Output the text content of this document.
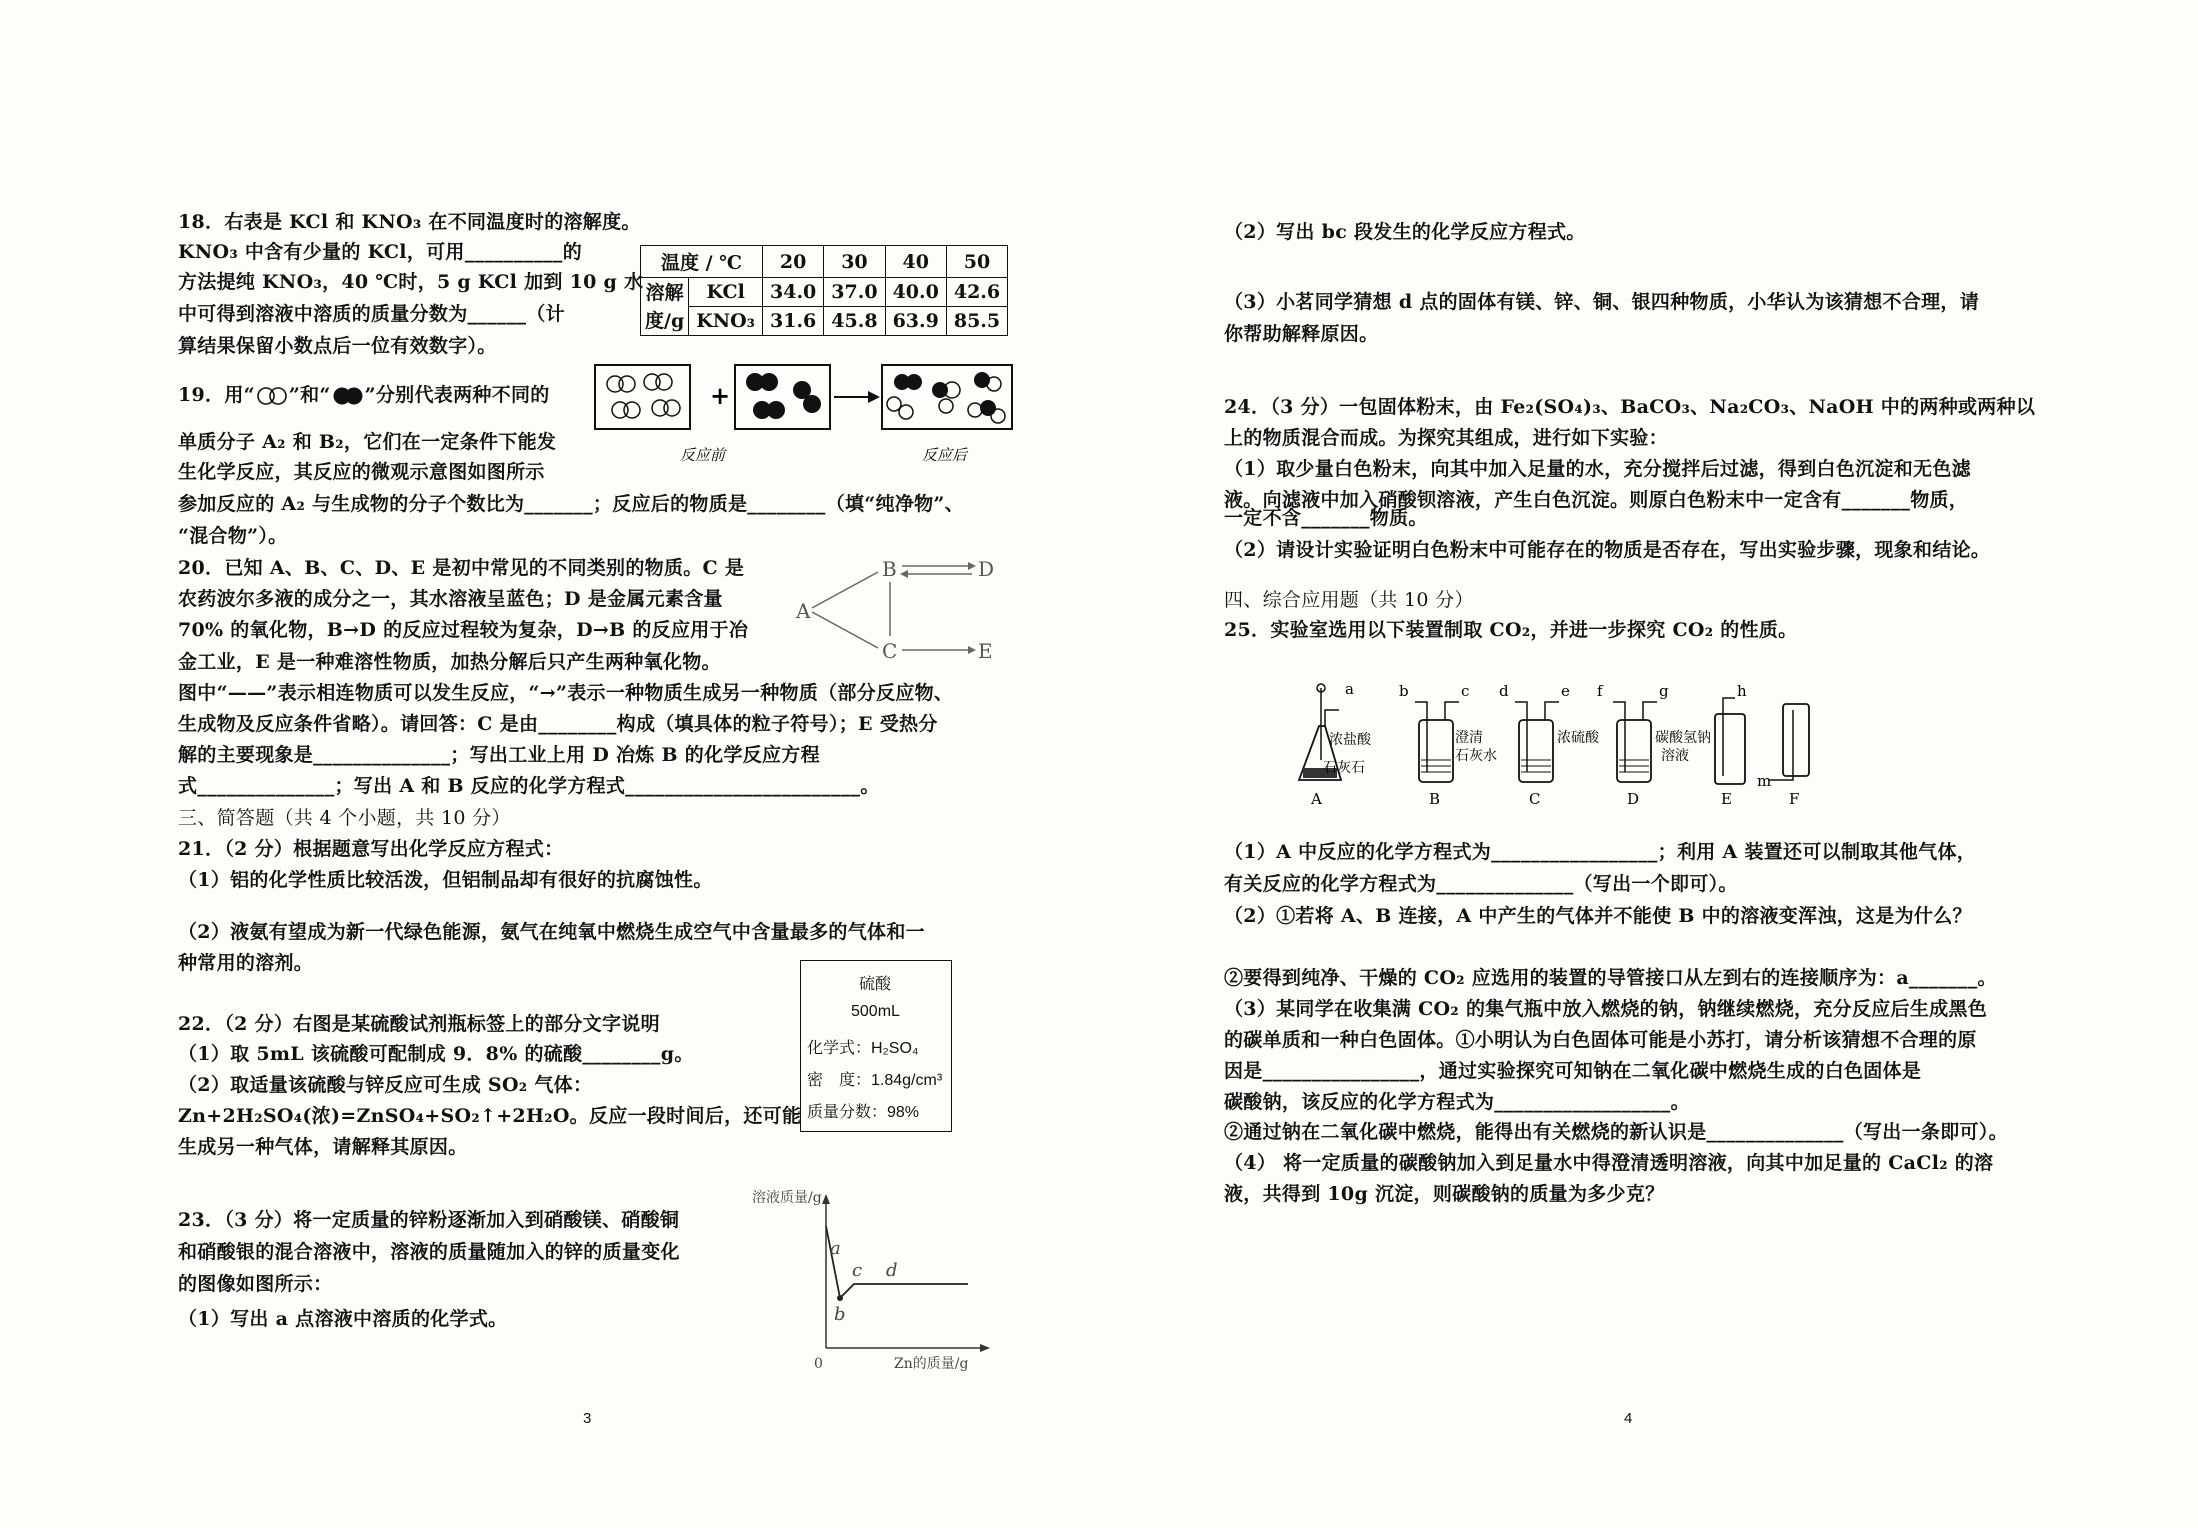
18．右表是 KCl 和 KNO₃ 在不同温度时的溶解度。
KNO₃ 中含有少量的 KCl，可用__________的
方法提纯 KNO₃，40 ℃时，5 g KCl 加到 10 g 水
中可得到溶液中溶质的质量分数为______（计
算结果保留小数点后一位有效数字）。
温度 / ℃		20	30	40	50

溶解
度/g	KCl	34.0	37.0	40.0	42.6
	KNO₃	31.6	45.8	63.9	85.5
19．用“ ”和“ ”分别代表两种不同的
单质分子 A₂ 和 B₂，它们在一定条件下能发
生化学反应，其反应的微观示意图如图所示
参加反应的 A₂ 与生成物的分子个数比为_______；反应后的物质是________（填“纯净物”、
“混合物”）。
+
反应前	反应后
20．已知 A、B、C、D、E 是初中常见的不同类别的物质。C 是
农药波尔多液的成分之一，其水溶液呈蓝色；D 是金属元素含量
70% 的氧化物，B→D 的反应过程较为复杂，D→B 的反应用于冶
金工业，E 是一种难溶性物质，加热分解后只产生两种氧化物。
图中“——”表示相连物质可以发生反应，“→”表示一种物质生成另一种物质（部分反应物、
生成物及反应条件省略）。请回答：C 是由________构成（填具体的粒子符号）；E 受热分
解的主要现象是______________；写出工业上用 D 冶炼 B 的化学反应方程
式______________；写出 A 和 B 反应的化学方程式________________________。
A
B
C
D
E
三、简答题（共 4 个小题，共 10 分）
21．（2 分）根据题意写出化学反应方程式：
（1）铝的化学性质比较活泼，但铝制品却有很好的抗腐蚀性。
（2）液氨有望成为新一代绿色能源，氨气在纯氧中燃烧生成空气中含量最多的气体和一
种常用的溶剂。
22．（2 分）右图是某硫酸试剂瓶标签上的部分文字说明
（1）取 5mL 该硫酸可配制成 9．8% 的硫酸________g。
（2）取适量该硫酸与锌反应可生成 SO₂ 气体：
Zn+2H₂SO₄(浓)=ZnSO₄+SO₂↑+2H₂O。反应一段时间后，还可能
生成另一种气体，请解释其原因。
硫酸
500mL
化学式：H₂SO₄
密　度：1.84g/cm³
质量分数：98%
23．（3 分）将一定质量的锌粉逐渐加入到硝酸镁、硝酸铜
和硝酸银的混合溶液中，溶液的质量随加入的锌的质量变化
的图像如图所示：
（1）写出 a 点溶液中溶质的化学式。
溶液质量/g
Zn的质量/g
0
a
b
c d
3
（2）写出 bc 段发生的化学反应方程式。
（3）小茗同学猜想 d 点的固体有镁、锌、铜、银四种物质，小华认为该猜想不合理，请
你帮助解释原因。
24．（3 分）一包固体粉末，由 Fe₂(SO₄)₃、BaCO₃、Na₂CO₃、NaOH 中的两种或两种以
上的物质混合而成。为探究其组成，进行如下实验：
（1）取少量白色粉末，向其中加入足量的水，充分搅拌后过滤，得到白色沉淀和无色滤
液。向滤液中加入硝酸钡溶液，产生白色沉淀。则原白色粉末中一定含有_______物质，
一定不含_______物质。
（2）请设计实验证明白色粉末中可能存在的物质是否存在，写出实验步骤，现象和结论。
四、综合应用题（共 10 分）
25．实验室选用以下装置制取 CO₂，并进一步探究 CO₂ 的性质。
a
浓盐酸
石灰石
A
b	c
澄清
石灰水
B
d	e
浓硫酸
C
f	g
碳酸氢钠
溶液
D
h
E
m
F
（1）A 中反应的化学方程式为_________________；利用 A 装置还可以制取其他气体，
有关反应的化学方程式为______________（写出一个即可）。
（2）①若将 A、B 连接，A 中产生的气体并不能使 B 中的溶液变浑浊，这是为什么？
②要得到纯净、干燥的 CO₂ 应选用的装置的导管接口从左到右的连接顺序为：a_______。
（3）某同学在收集满 CO₂ 的集气瓶中放入燃烧的钠，钠继续燃烧，充分反应后生成黑色
的碳单质和一种白色固体。①小明认为白色固体可能是小苏打，请分析该猜想不合理的原
因是________________，通过实验探究可知钠在二氧化碳中燃烧生成的白色固体是
碳酸钠，该反应的化学方程式为__________________。
②通过钠在二氧化碳中燃烧，能得出有关燃烧的新认识是______________（写出一条即可）。
（4） 将一定质量的碳酸钠加入到足量水中得澄清透明溶液，向其中加足量的 CaCl₂ 的溶
液，共得到 10g 沉淀，则碳酸钠的质量为多少克？
4
